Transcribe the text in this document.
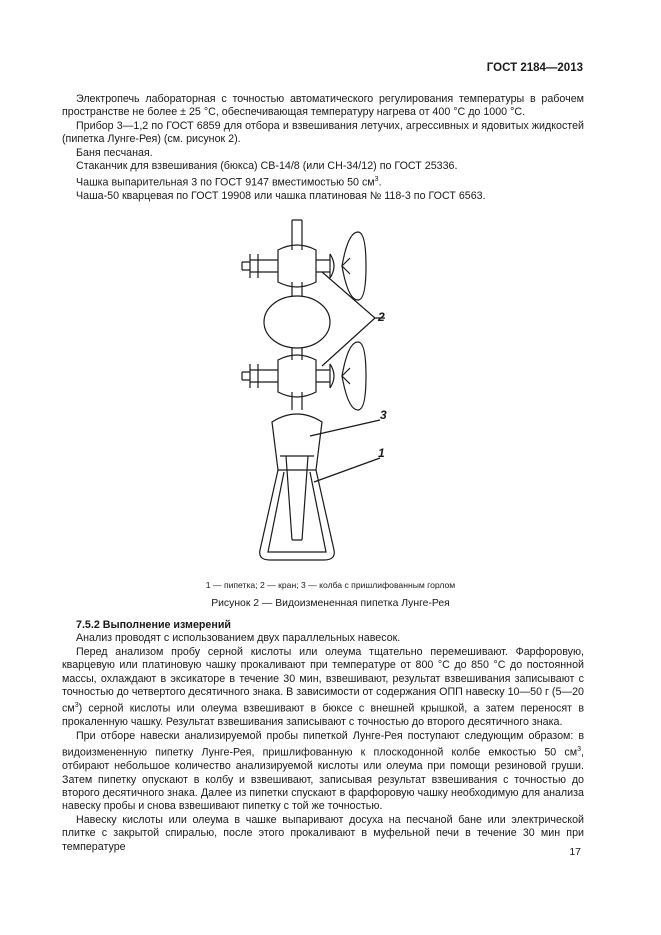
ГОСТ 2184—2013

Электропечь лабораторная с точностью автоматического регулирования температуры в рабочем пространстве не более ± 25 °С, обеспечивающая температуру нагрева от 400 °С до 1000 °С.

Прибор 3—1,2 по ГОСТ 6859 для отбора и взвешивания летучих, агрессивных и ядовитых жидкостей (пипетка Лунге-Рея) (см. рисунок 2).

Баня песчаная.

Стаканчик для взвешивания (бюкса) СВ-14/8 (или СН-34/12) по ГОСТ 25336.

Чашка выпарительная 3 по ГОСТ 9147 вместимостью 50 $см^3$.

Чаша-50 кварцевая по ГОСТ 19908 или чашка платиновая № 118-3 по ГОСТ 6563.

2
3
1
1 — пипетка; 2 — кран; 3 — колба с пришлифованным горлом
Рисунок 2 — Видоизмененная пипетка Лунге-Рея

7.5.2 Выполнение измерений

Анализ проводят с использованием двух параллельных навесок.

Перед анализом пробу серной кислоты или олеума тщательно перемешивают. Фарфоровую, кварцевую или платиновую чашку прокаливают при температуре от 800 °С до 850 °С до постоянной массы, охлаждают в эксикаторе в течение 30 мин, взвешивают, результат взвешивания записывают с точностью до четвертого десятичного знака. В зависимости от содержания ОПП навеску 10—50 г (5—20 $см^3$) серной кислоты или олеума взвешивают в бюксе с внешней крышкой, а затем переносят в прокаленную чашку. Результат взвешивания записывают с точностью до второго десятичного знака.

При отборе навески анализируемой пробы пипеткой Лунге-Рея поступают следующим образом: в видоизмененную пипетку Лунге-Рея, пришлифованную к плоскодонной колбе емкостью 50 $см^3$, отбирают небольшое количество анализируемой кислоты или олеума при помощи резиновой груши. Затем пипетку опускают в колбу и взвешивают, записывая результат взвешивания с точностью до второго десятичного знака. Далее из пипетки спускают в фарфоровую чашку необходимую для анализа навеску пробы и снова взвешивают пипетку с той же точностью.

Навеску кислоты или олеума в чашке выпаривают досуха на песчаной бане или электрической плитке с закрытой спиралью, после этого прокаливают в муфельной печи в течение 30 мин при температуре	17
